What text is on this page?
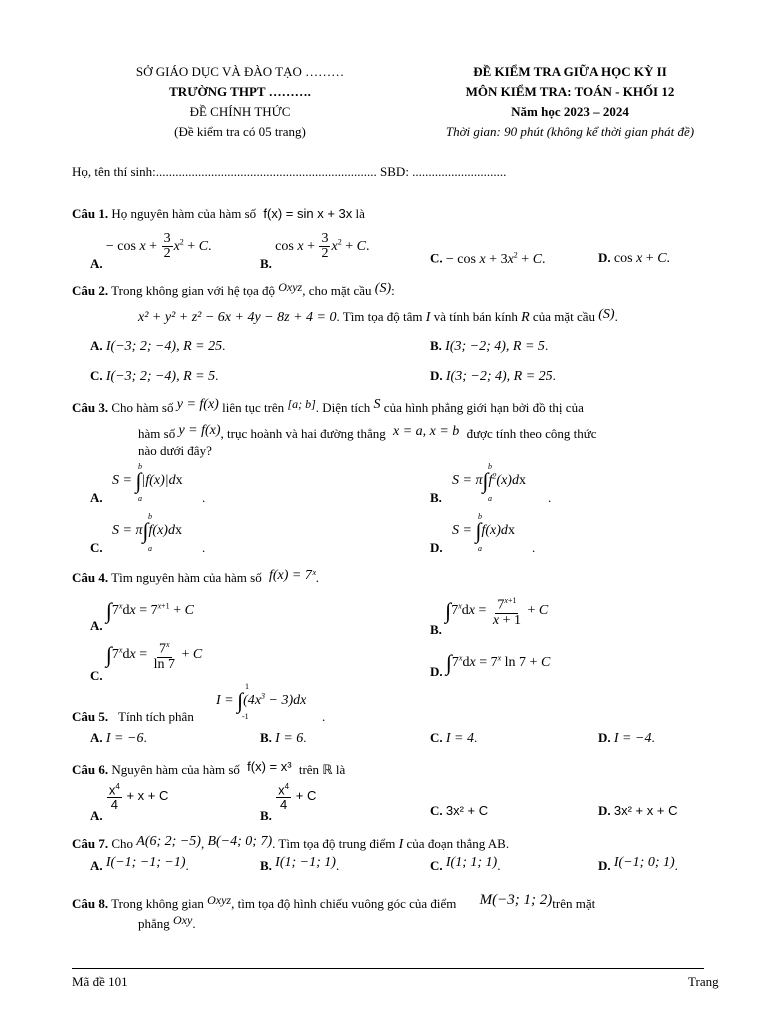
SỞ GIÁO DỤC VÀ ĐÀO TẠO ………
TRƯỜNG THPT ……….
ĐỀ CHÍNH THỨC
(Đề kiểm tra có 05 trang)
ĐỀ KIỂM TRA GIỮA HỌC KỲ II
MÔN KIỂM TRA: TOÁN - KHỐI 12
Năm học 2023 – 2024
Thời gian: 90 phút (không kể thời gian phát đề)
Họ, tên thí sinh:.................................................................... SBD: .............................
Câu 1. Họ nguyên hàm của hàm số f(x) = sin x + 3x là
A. − $\cos x + \frac{3}{2} x^2 + C$.
B. $\cos x + \frac{3}{2} x^2 + C$.
C. − $\cos x + 3x^2 + C$.	D. cos x + C.
Câu 2. Trong không gian với hệ tọa độ Oxyz, cho mặt cầu (S):
x² + y² + z² − 6x + 4y − 8z + 4 = 0. Tìm tọa độ tâm I và tính bán kính R của mặt cầu (S).
A. I(−3; 2; −4), R = 25.	B. I(3; −2; 4), R = 5.
C. I(−3; 2; −4), R = 5.	D. I(3; −2; 4), R = 25.
Câu 3. Cho hàm số y = f(x) liên tục trên [a; b]. Diện tích S của hình phẳng giới hạn bởi đồ thị của
hàm số y = f(x), trục hoành và hai đường thẳng x = a, x = b được tính theo công thức
nào dưới đây?
A.
S = ∫|f(x)|dx
b
a	.	B.
$S = \pi\int f^2(x)dx$
b
a	.
C.
S = π∫f(x)dx
b
a	.	D.
S = ∫f(x)dx
b
a	.
Câu 4. Tìm nguyên hàm của hàm số f(x) = 7ˣ.
A. $\int 7^xdx = 7^{x+1} + C$
B. $\int 7^xdx = \frac{7^{x+1}}{x + 1} + C$
C. $\int 7^xdx = \frac{7^x}{\ln 7} + C$
D. $\int 7^xdx = 7^x$ ln 7 + C
Câu 5. Tính tích phân
$I = \int(4x^3 - 3)dx$
1
-1	.
A. I = −6.	B. I = 6.	C. I = 4.	D. I = −4.
Câu 6. Nguyên hàm của hàm số f(x) = x³ trên ℝ là
A.
$\frac{x^4}{4} + x + C$
B.
$\frac{x^4}{4} + C$
C. 3x² + C	D. 3x² + x + C
Câu 7. Cho A(6; 2; −5), B(−4; 0; 7). Tìm tọa độ trung điểm I của đoạn thẳng AB.
A. I(−1; −1; −1).	B. I(1; −1; 1).	C. I(1; 1; 1).	D. I(−1; 0; 1).
Câu 8. Trong không gian Oxyz, tìm tọa độ hình chiếu vuông góc của điểm M(−3; 1; 2)trên mặt
phẳng Oxy.
Mã đề 101	Trang
